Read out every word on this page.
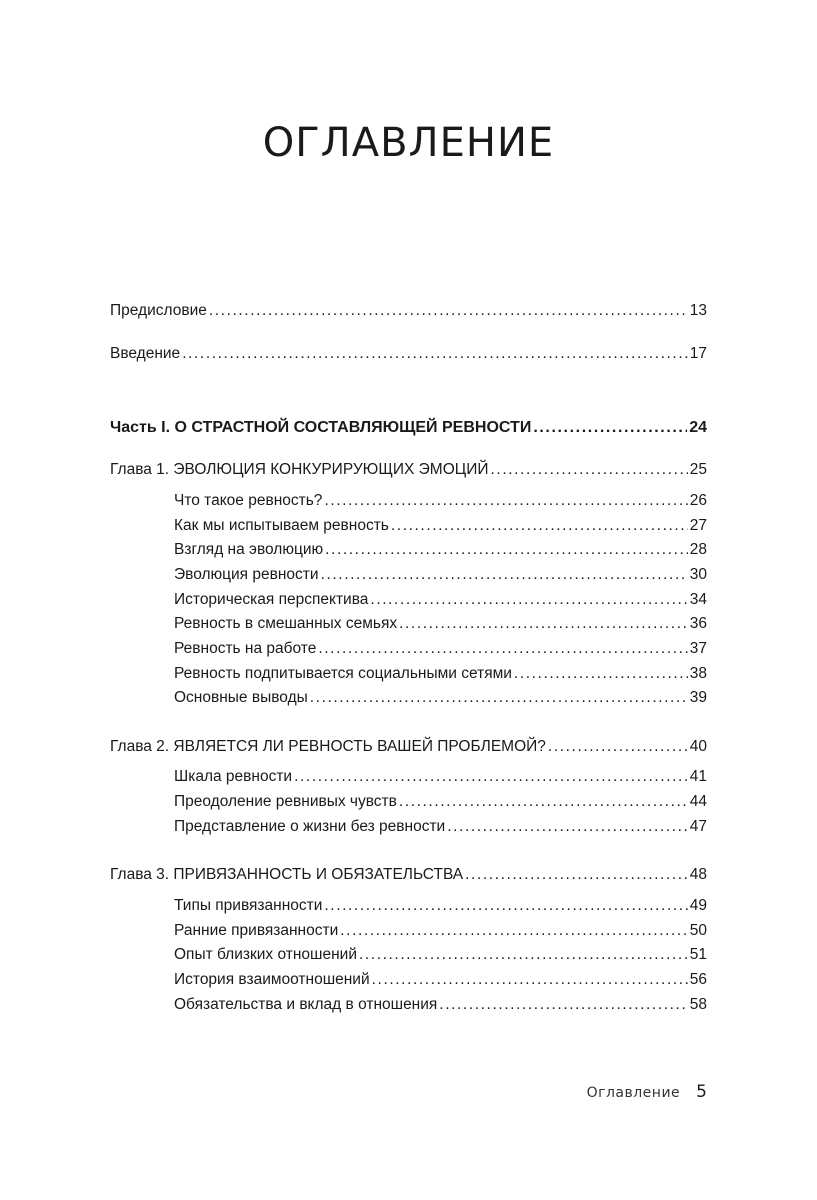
ОГЛАВЛЕНИЕ
Предисловие .....	13
Введение .....	17
Часть I. О СТРАСТНОЙ СОСТАВЛЯЮЩЕЙ РЕВНОСТИ .....	24
Глава 1. ЭВОЛЮЦИЯ КОНКУРИРУЮЩИХ ЭМОЦИЙ .....	25
Что такое ревность? .....	26
Как мы испытываем ревность .....	27
Взгляд на эволюцию .....	28
Эволюция ревности .....	30
Историческая перспектива .....	34
Ревность в смешанных семьях .....	36
Ревность на работе .....	37
Ревность подпитывается социальными сетями .....	38
Основные выводы .....	39
Глава 2. ЯВЛЯЕТСЯ ЛИ РЕВНОСТЬ ВАШЕЙ ПРОБЛЕМОЙ? .....	40
Шкала ревности .....	41
Преодоление ревнивых чувств .....	44
Представление о жизни без ревности .....	47
Глава 3. ПРИВЯЗАННОСТЬ И ОБЯЗАТЕЛЬСТВА .....	48
Типы привязанности .....	49
Ранние привязанности .....	50
Опыт близких отношений .....	51
История взаимоотношений .....	56
Обязательства и вклад в отношения .....	58
Оглавление 5
